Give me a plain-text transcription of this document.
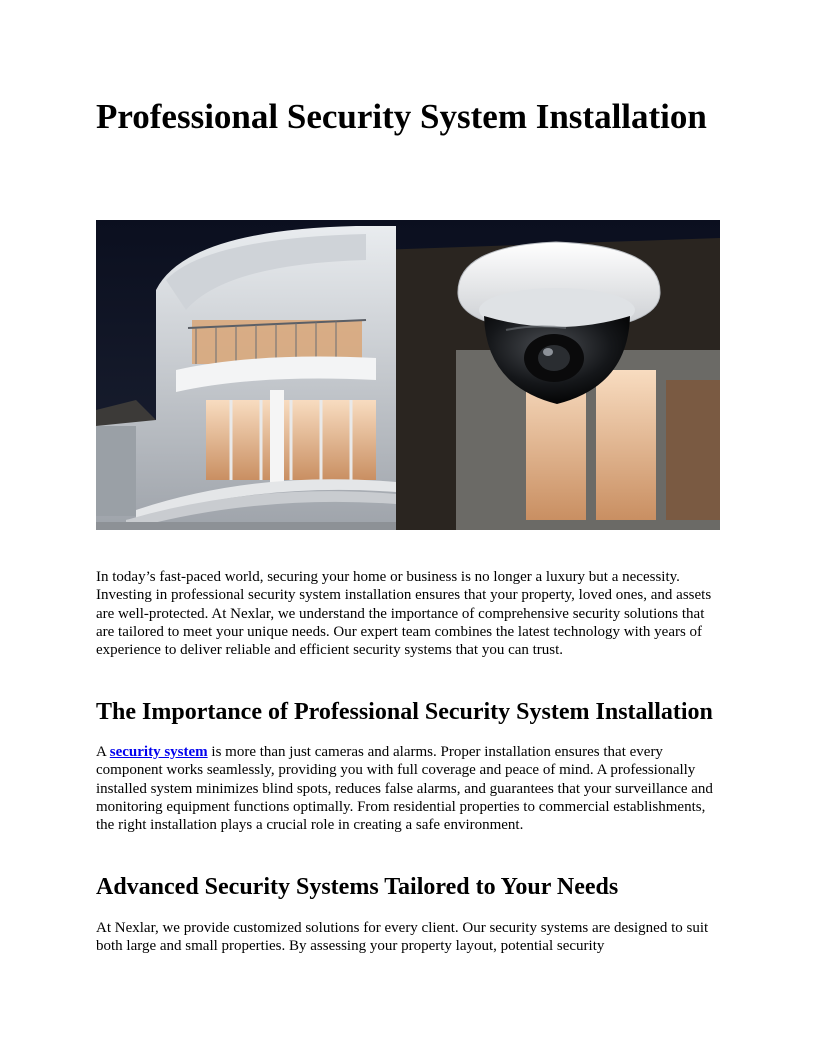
Professional Security System Installation

In today’s fast-paced world, securing your home or business is no longer a luxury but a necessity. Investing in professional security system installation ensures that your property, loved ones, and assets are well-protected. At Nexlar, we understand the importance of comprehensive security solutions that are tailored to meet your unique needs. Our expert team combines the latest technology with years of experience to deliver reliable and efficient security systems that you can trust.

The Importance of Professional Security System Installation

A security system is more than just cameras and alarms. Proper installation ensures that every component works seamlessly, providing you with full coverage and peace of mind. A professionally installed system minimizes blind spots, reduces false alarms, and guarantees that your surveillance and monitoring equipment functions optimally. From residential properties to commercial establishments, the right installation plays a crucial role in creating a safe environment.

Advanced Security Systems Tailored to Your Needs

At Nexlar, we provide customized solutions for every client. Our security systems are designed to suit both large and small properties. By assessing your property layout, potential security
